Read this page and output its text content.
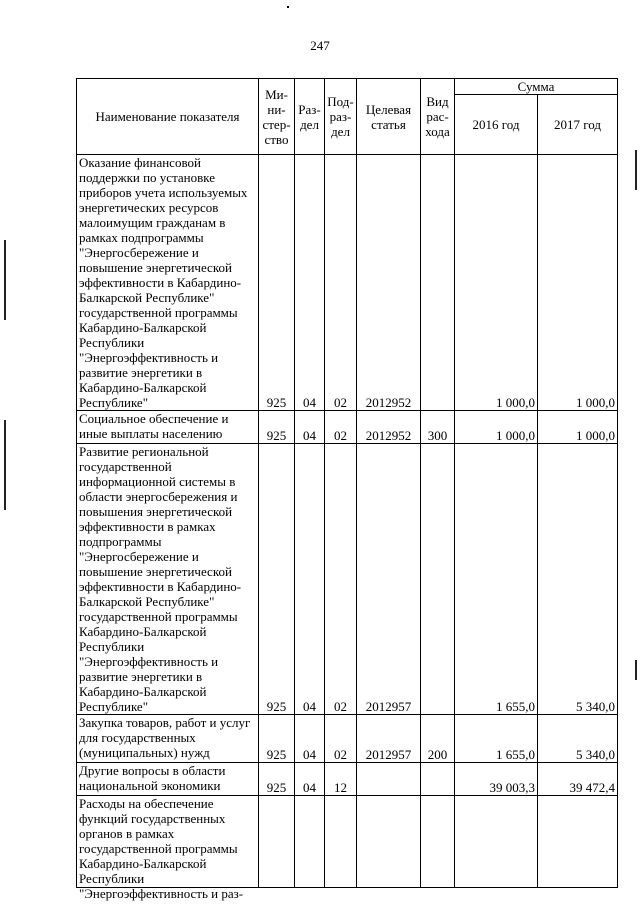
247
Наименование показателя	Ми-ни-стер-ство	Раз-дел	Под-раз-дел	Целевая статья	Вид рас-хода	Сумма	
						2016 год	2017 год
Оказание финансовой поддержки по установке приборов учета используемых энергетических ресурсов малоимущим гражданам в рамках подпрограммы "Энергосбережение и повышение энергетической эффективности в Кабардино-Балкарской Республике" государственной программы Кабардино-Балкарской Республики "Энергоэффективность и развитие энергетики в Кабардино-Балкарской Республике"	925	04	02	2012952		1 000,0	1 000,0
Социальное обеспечение и иные выплаты населению	925	04	02	2012952	300	1 000,0	1 000,0
Развитие региональной государственной информационной системы в области энергосбережения и повышения энергетической эффективности в рамках подпрограммы "Энергосбережение и повышение энергетической эффективности в Кабардино-Балкарской Республике" государственной программы Кабардино-Балкарской Республики "Энергоэффективность и развитие энергетики в Кабардино-Балкарской Республике"	925	04	02	2012957		1 655,0	5 340,0
Закупка товаров, работ и услуг для государственных (муниципальных) нужд	925	04	02	2012957	200	1 655,0	5 340,0
Другие вопросы в области национальной экономики	925	04	12			39 003,3	39 472,4

Расходы на обеспечение функций государственных органов в рамках государственной программы Кабардино-Балкарской Республики "Энергоэффективность и раз-							
